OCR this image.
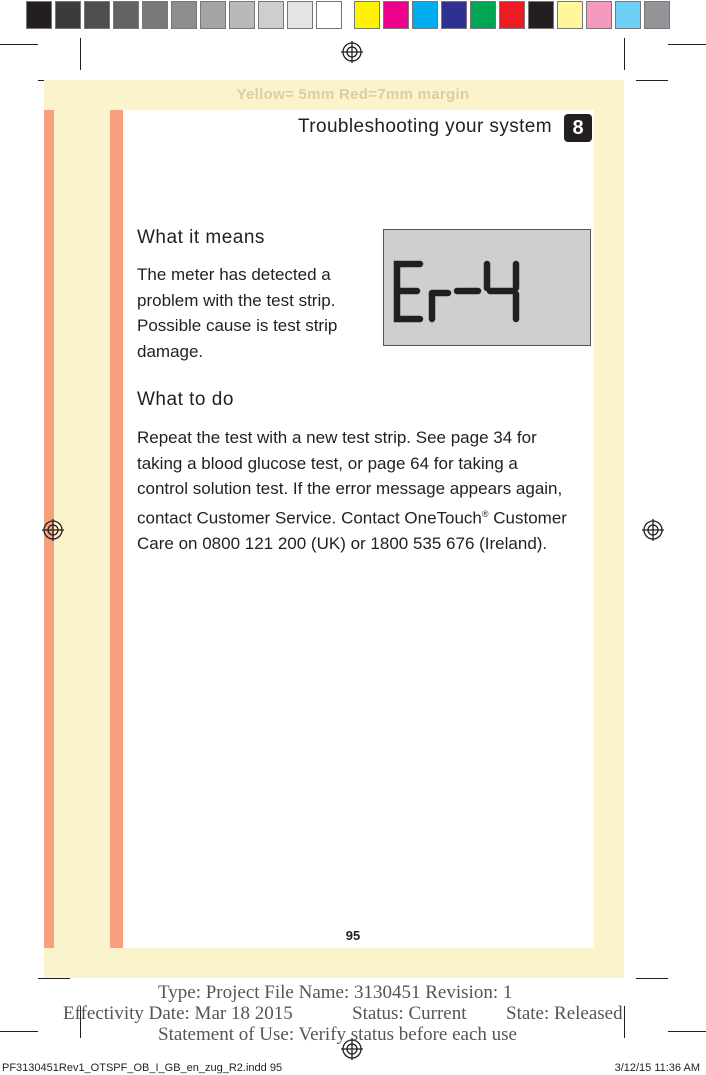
Yellow= 5mm Red=7mm margin
Troubleshooting your system	8
What it means
The meter has detected a
problem with the test strip.
Possible cause is test strip
damage.
Er4
What to do
Repeat the test with a new test strip. See page 34 for
taking a blood glucose test, or page 64 for taking a
control solution test. If the error message appears again,
contact Customer Service. Contact OneTouch® Customer
Care on 0800 121 200 (UK) or 1800 535 676 (Ireland).
95
Type: Project File Name: 3130451 Revision: 1
Effectivity Date: Mar 18 2015	Status: Current State: Released
Statement of Use: Verify status before each use
PF3130451Rev1_OTSPF_OB_I_GB_en_zug_R2.indd 95	3/12/15 11:36 AM
